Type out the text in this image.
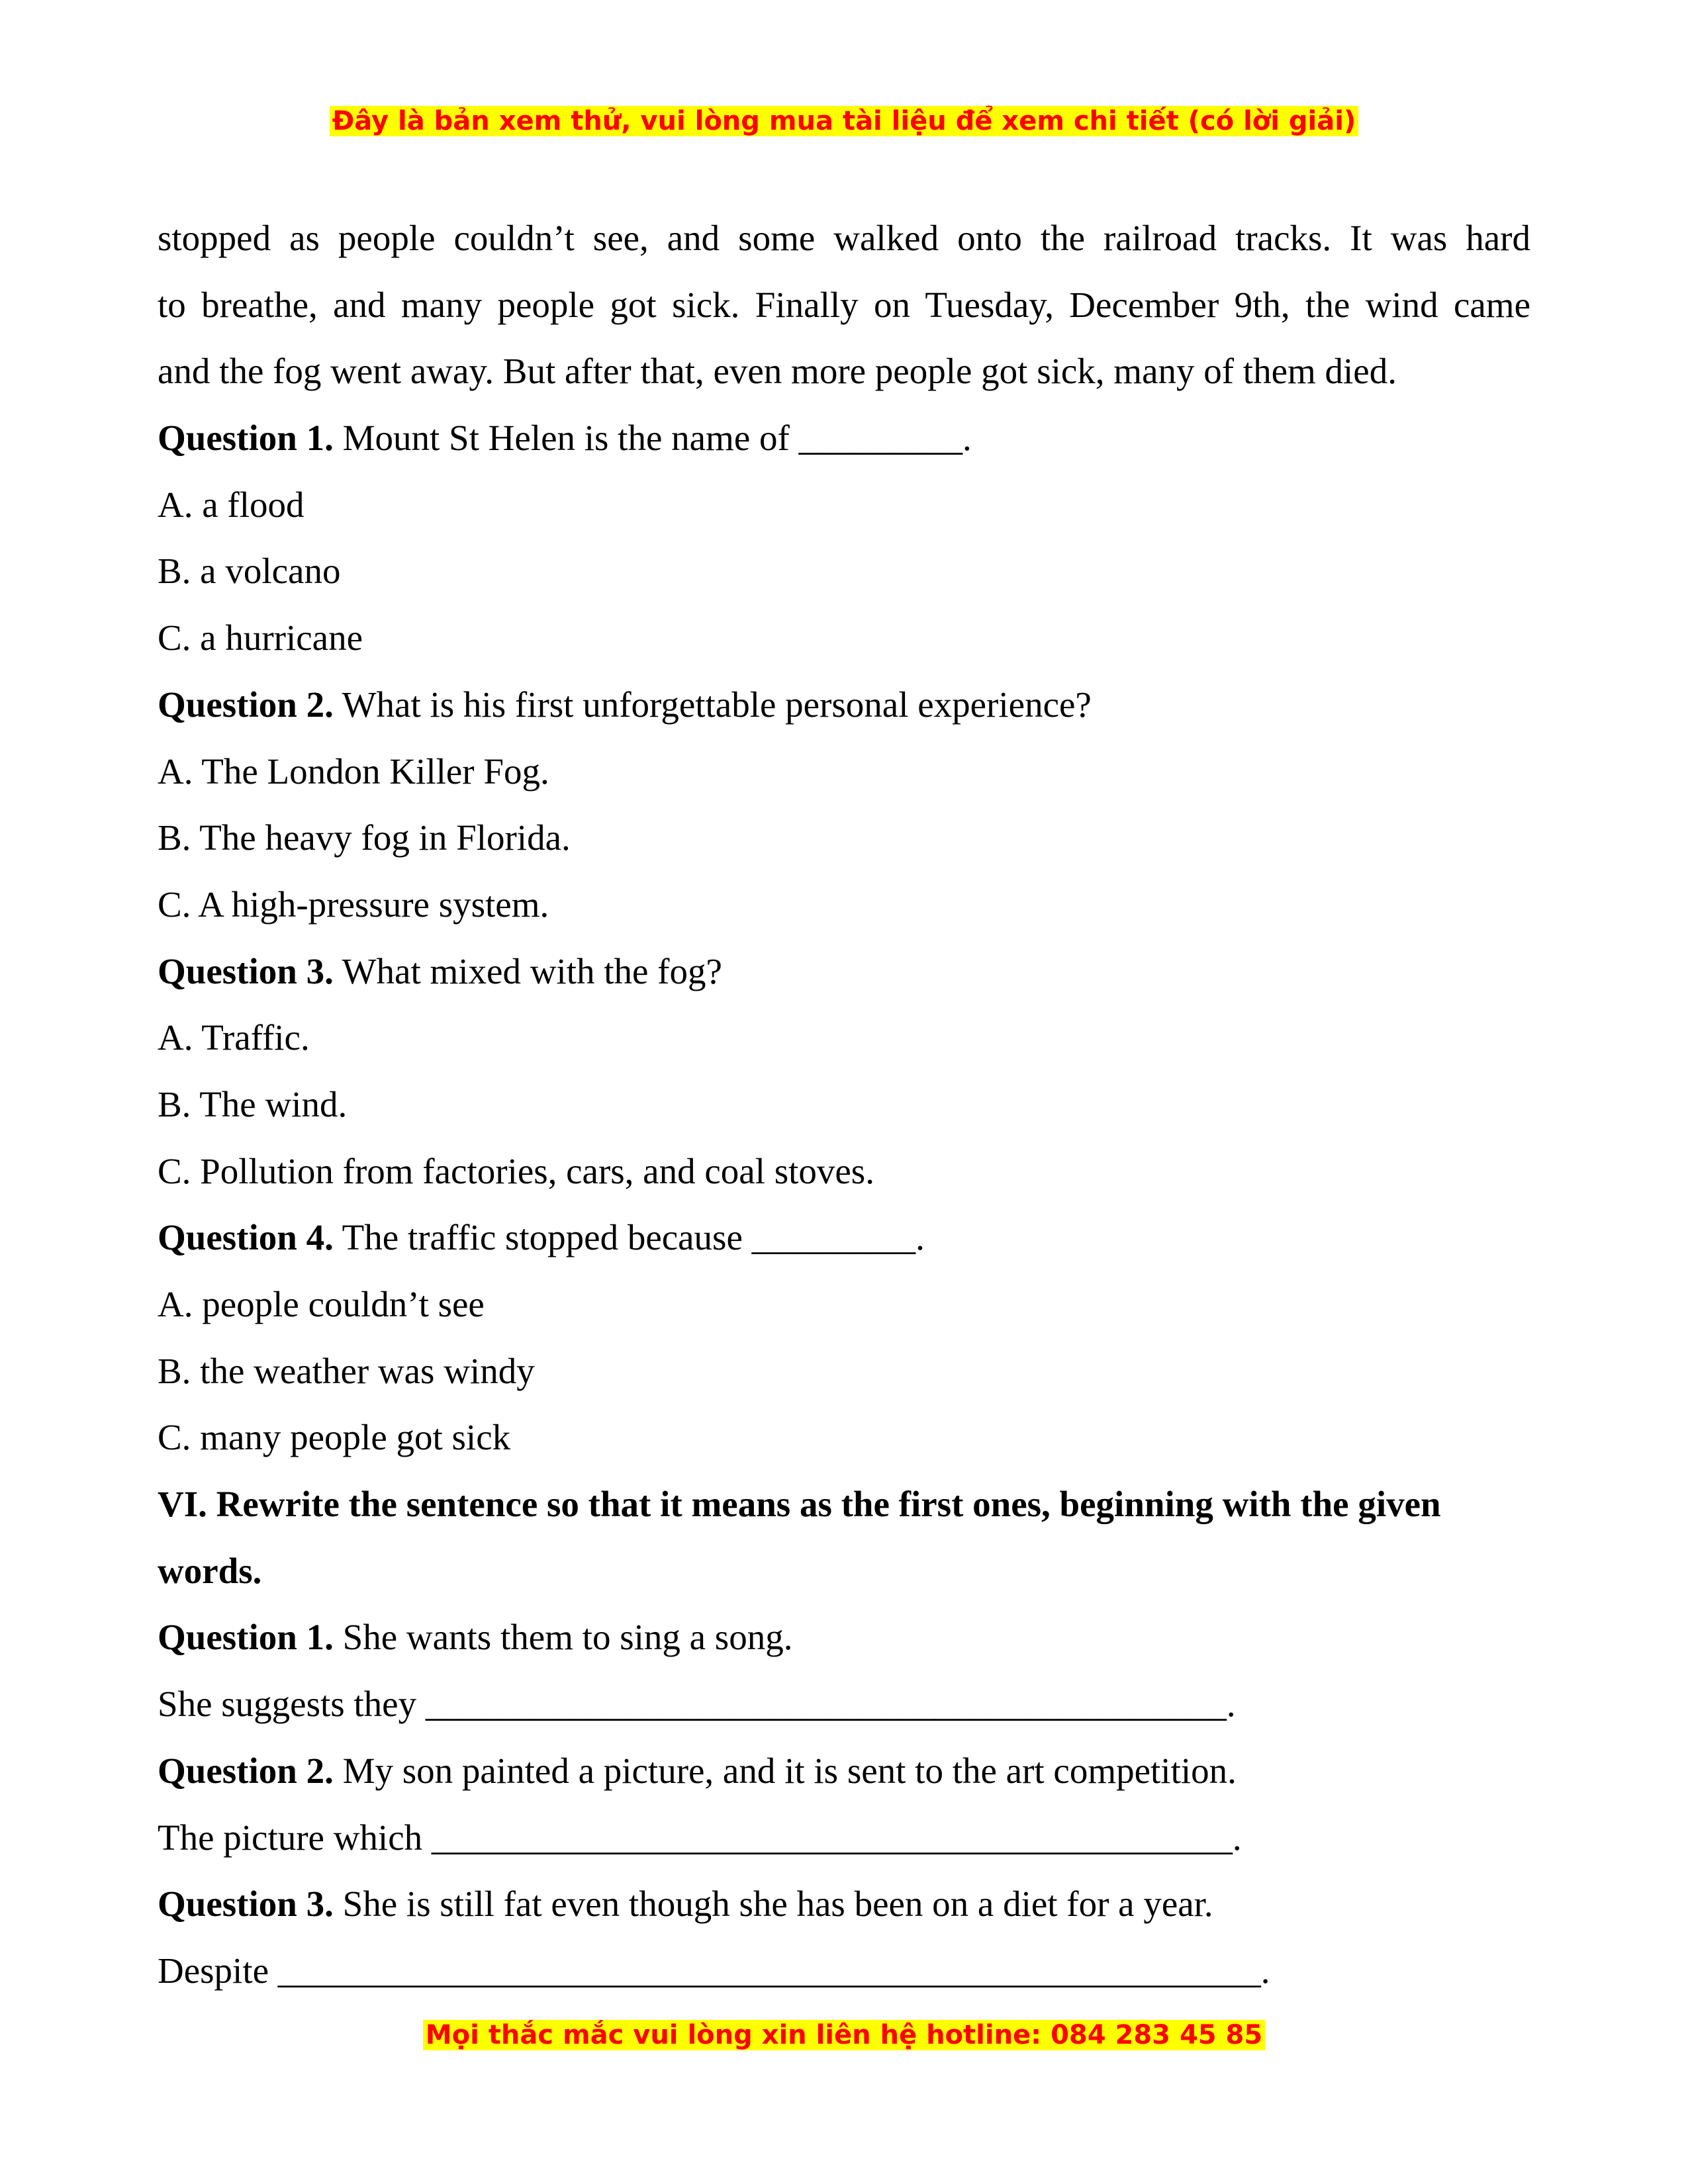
Đây là bản xem thử, vui lòng mua tài liệu để xem chi tiết (có lời giải)
stopped as people couldn’t see, and some walked onto the railroad tracks. It was hard
to breathe, and many people got sick. Finally on Tuesday, December 9th, the wind came
and the fog went away. But after that, even more people got sick, many of them died.
Question 1. Mount St Helen is the name of _________.
A. a flood
B. a volcano
C. a hurricane
Question 2. What is his first unforgettable personal experience?
A. The London Killer Fog.
B. The heavy fog in Florida.
C. A high-pressure system.
Question 3. What mixed with the fog?
A. Traffic.
B. The wind.
C. Pollution from factories, cars, and coal stoves.
Question 4. The traffic stopped because _________.
A. people couldn’t see
B. the weather was windy
C. many people got sick
VI. Rewrite the sentence so that it means as the first ones, beginning with the given words.
Question 1. She wants them to sing a song.
She suggests they ____________________________________________.
Question 2. My son painted a picture, and it is sent to the art competition.
The picture which ____________________________________________.
Question 3. She is still fat even though she has been on a diet for a year.
Despite ______________________________________________________.
Mọi thắc mắc vui lòng xin liên hệ hotline: 084 283 45 85
